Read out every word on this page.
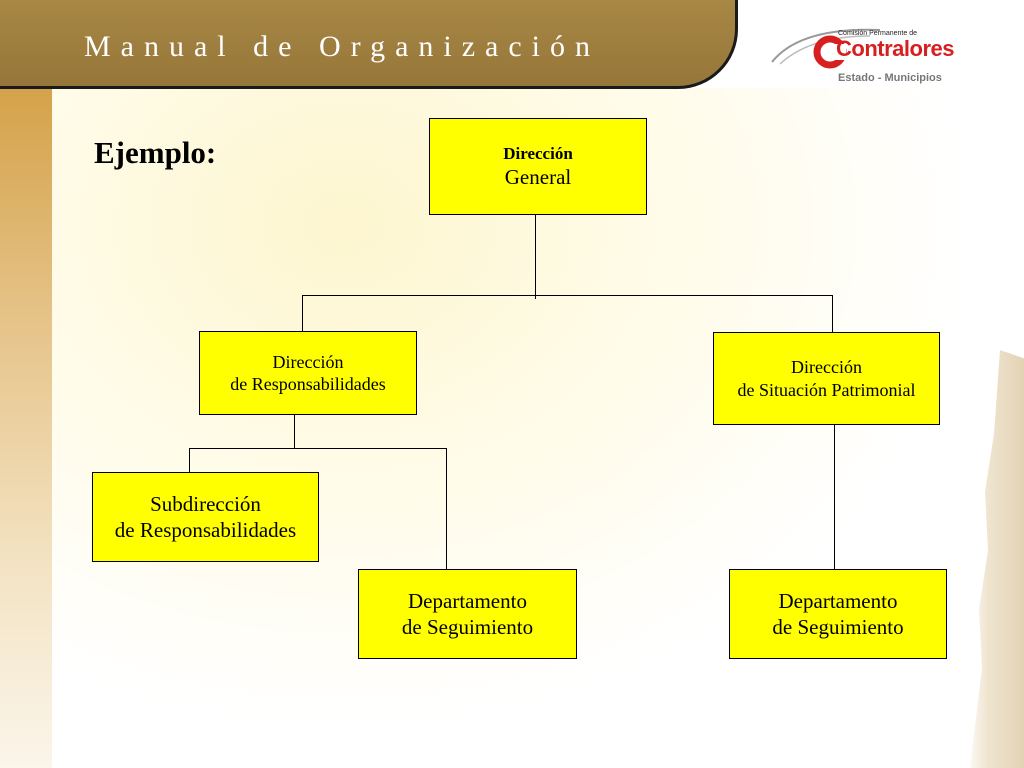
Manual de Organización	Comisión Permanente de
Contralores
Estado - Municipios
Ejemplo:	Dirección
General
Dirección
de Responsabilidades
Dirección
de Situación Patrimonial
Subdirección
de Responsabilidades
Departamento
de Seguimiento
Departamento
de Seguimiento
